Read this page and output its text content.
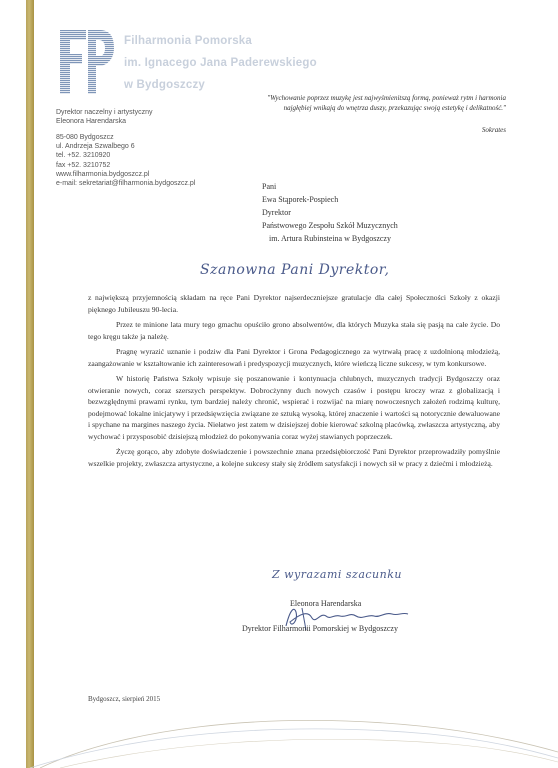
Filharmonia Pomorska
im. Ignacego Jana Paderewskiego
w Bydgoszczy
Dyrektor naczelny i artystyczny
Eleonora Harendarska
85-080 Bydgoszcz
ul. Andrzeja Szwalbego 6
tel. +52. 3210920
fax +52. 3210752
www.filharmonia.bydgoszcz.pl
e-mail: sekretariat@filharmonia.bydgoszcz.pl
"Wychowanie poprzez muzykę jest najwyśmienitszą formą, ponieważ rytm i harmonia najgłębiej wnikają do wnętrza duszy, przekazując swoją estetykę i delikatność."
Sokrates
Pani
Ewa Stąporek-Pospiech
Dyrektor
Państwowego Zespołu Szkół Muzycznych
im. Artura Rubinsteina w Bydgoszczy
Szanowna Pani Dyrektor,

z największą przyjemnością składam na ręce Pani Dyrektor najserdeczniejsze gratulacje dla całej Społeczności Szkoły z okazji pięknego Jubileuszu 90-lecia.

Przez te minione lata mury tego gmachu opuściło grono absolwentów, dla których Muzyka stała się pasją na całe życie. Do tego kręgu także ja należę.

Pragnę wyrazić uznanie i podziw dla Pani Dyrektor i Grona Pedagogicznego za wytrwałą pracę z uzdolnioną młodzieżą, zaangażowanie w kształtowanie ich zainteresowań i predyspozycji muzycznych, które wieńczą liczne sukcesy, w tym konkursowe.

W historię Państwa Szkoły wpisuje się poszanowanie i kontynuacja chlubnych, muzycznych tradycji Bydgoszczy oraz otwieranie nowych, coraz szerszych perspektyw. Dobrocżynny duch nowych czasów i postępu kroczy wraz z globalizacją i bezwzględnymi prawami rynku, tym bardziej należy chronić, wspierać i rozwijać na miarę nowoczesnych założeń rodzimą kulturę, podejmować lokalne inicjatywy i przedsięwzięcia związane ze sztuką wysoką, której znaczenie i wartości są notorycznie dewaluowane i spychane na margines naszego życia. Niełatwo jest zatem w dzisiejszej dobie kierować szkolną placówką, zwłaszcza artystyczną, aby wychować i przysposobić dzisiejszą młodzież do pokonywania coraz wyżej stawianych poprzeczek.

Życzę gorąco, aby zdobyte doświadczenie i powszechnie znana przedsiębiorczość Pani Dyrektor przeprowadziły pomyślnie wszelkie projekty, zwłaszcza artystyczne, a kolejne sukcesy stały się źródłem satysfakcji i nowych sił w pracy z dziećmi i młodzieżą.

Z wyrazami szacunku
Eleonora Harendarska
Dyrektor Filharmonii Pomorskiej w Bydgoszczy
Bydgoszcz, sierpień 2015
